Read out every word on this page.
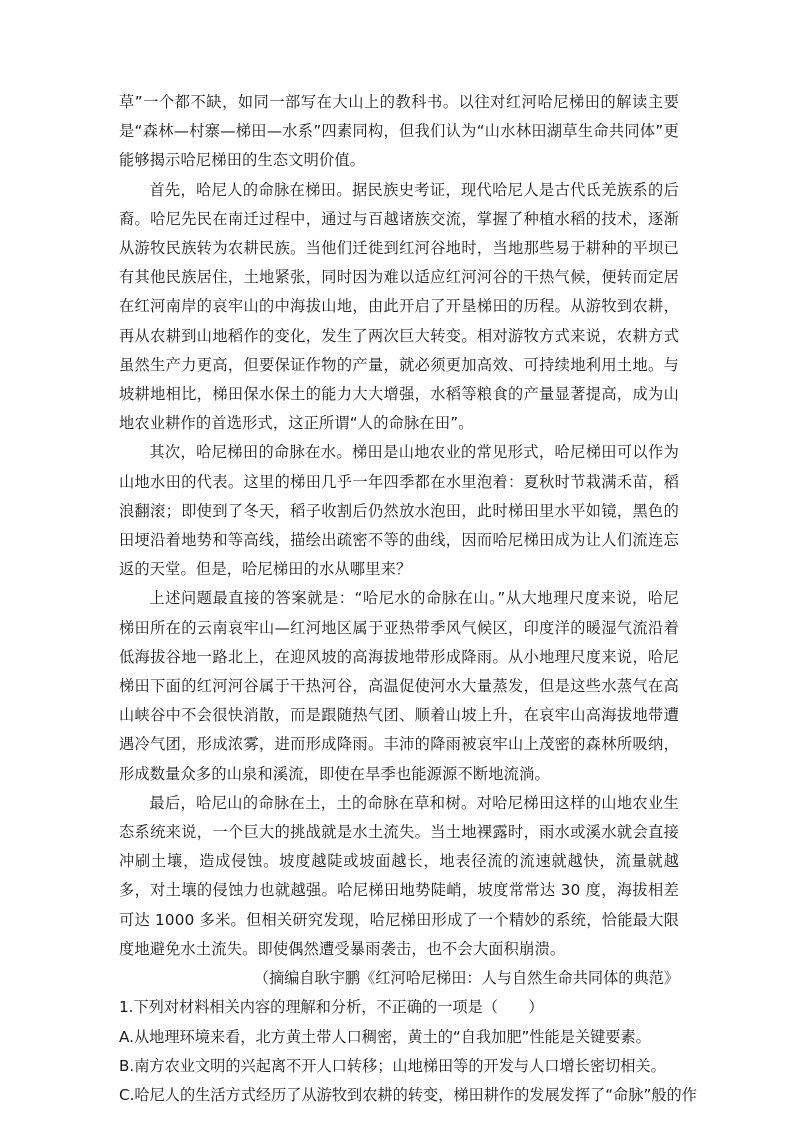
草”一个都不缺，如同一部写在大山上的教科书。以往对红河哈尼梯田的解读主要是“森林—村寨—梯田—水系”四素同构，但我们认为“山水林田湖草生命共同体”更能够揭示哈尼梯田的生态文明价值。

首先，哈尼人的命脉在梯田。据民族史考证，现代哈尼人是古代氐羌族系的后裔。哈尼先民在南迁过程中，通过与百越诸族交流，掌握了种植水稻的技术，逐渐从游牧民族转为农耕民族。当他们迁徙到红河谷地时，当地那些易于耕种的平坝已有其他民族居住，土地紧张，同时因为难以适应红河河谷的干热气候，便转而定居在红河南岸的哀牢山的中海拔山地，由此开启了开垦梯田的历程。从游牧到农耕，再从农耕到山地稻作的变化，发生了两次巨大转变。相对游牧方式来说，农耕方式虽然生产力更高，但要保证作物的产量，就必须更加高效、可持续地利用土地。与坡耕地相比，梯田保水保土的能力大大增强，水稻等粮食的产量显著提高，成为山地农业耕作的首选形式，这正所谓“人的命脉在田”。

其次，哈尼梯田的命脉在水。梯田是山地农业的常见形式，哈尼梯田可以作为山地水田的代表。这里的梯田几乎一年四季都在水里泡着：夏秋时节栽满禾苗，稻浪翻滚；即使到了冬天，稻子收割后仍然放水泡田，此时梯田里水平如镜，黑色的田埂沿着地势和等高线，描绘出疏密不等的曲线，因而哈尼梯田成为让人们流连忘返的天堂。但是，哈尼梯田的水从哪里来？

上述问题最直接的答案就是：“哈尼水的命脉在山。”从大地理尺度来说，哈尼梯田所在的云南哀牢山—红河地区属于亚热带季风气候区，印度洋的暖湿气流沿着低海拔谷地一路北上，在迎风坡的高海拔地带形成降雨。从小地理尺度来说，哈尼梯田下面的红河河谷属于干热河谷，高温促使河水大量蒸发，但是这些水蒸气在高山峡谷中不会很快消散，而是跟随热气团、顺着山坡上升，在哀牢山高海拔地带遭遇冷气团，形成浓雾，进而形成降雨。丰沛的降雨被哀牢山上茂密的森林所吸纳，形成数量众多的山泉和溪流，即使在旱季也能源源不断地流淌。

最后，哈尼山的命脉在土，土的命脉在草和树。对哈尼梯田这样的山地农业生态系统来说，一个巨大的挑战就是水土流失。当土地裸露时，雨水或溪水就会直接冲刷土壤，造成侵蚀。坡度越陡或坡面越长，地表径流的流速就越快，流量就越多，对土壤的侵蚀力也就越强。哈尼梯田地势陡峭，坡度常常达 30 度，海拔相差可达 1000 多米。但相关研究发现，哈尼梯田形成了一个精妙的系统，恰能最大限度地避免水土流失。即使偶然遭受暴雨袭击，也不会大面积崩溃。

（摘编自耿宇鹏《红河哈尼梯田：人与自然生命共同体的典范》

1.下列对材料相关内容的理解和分析，不正确的一项是（　　）

A.从地理环境来看，北方黄土带人口稠密，黄土的“自我加肥”性能是关键要素。

B.南方农业文明的兴起离不开人口转移；山地梯田等的开发与人口增长密切相关。

C.哈尼人的生活方式经历了从游牧到农耕的转变，梯田耕作的发展发挥了“命脉”般的作
